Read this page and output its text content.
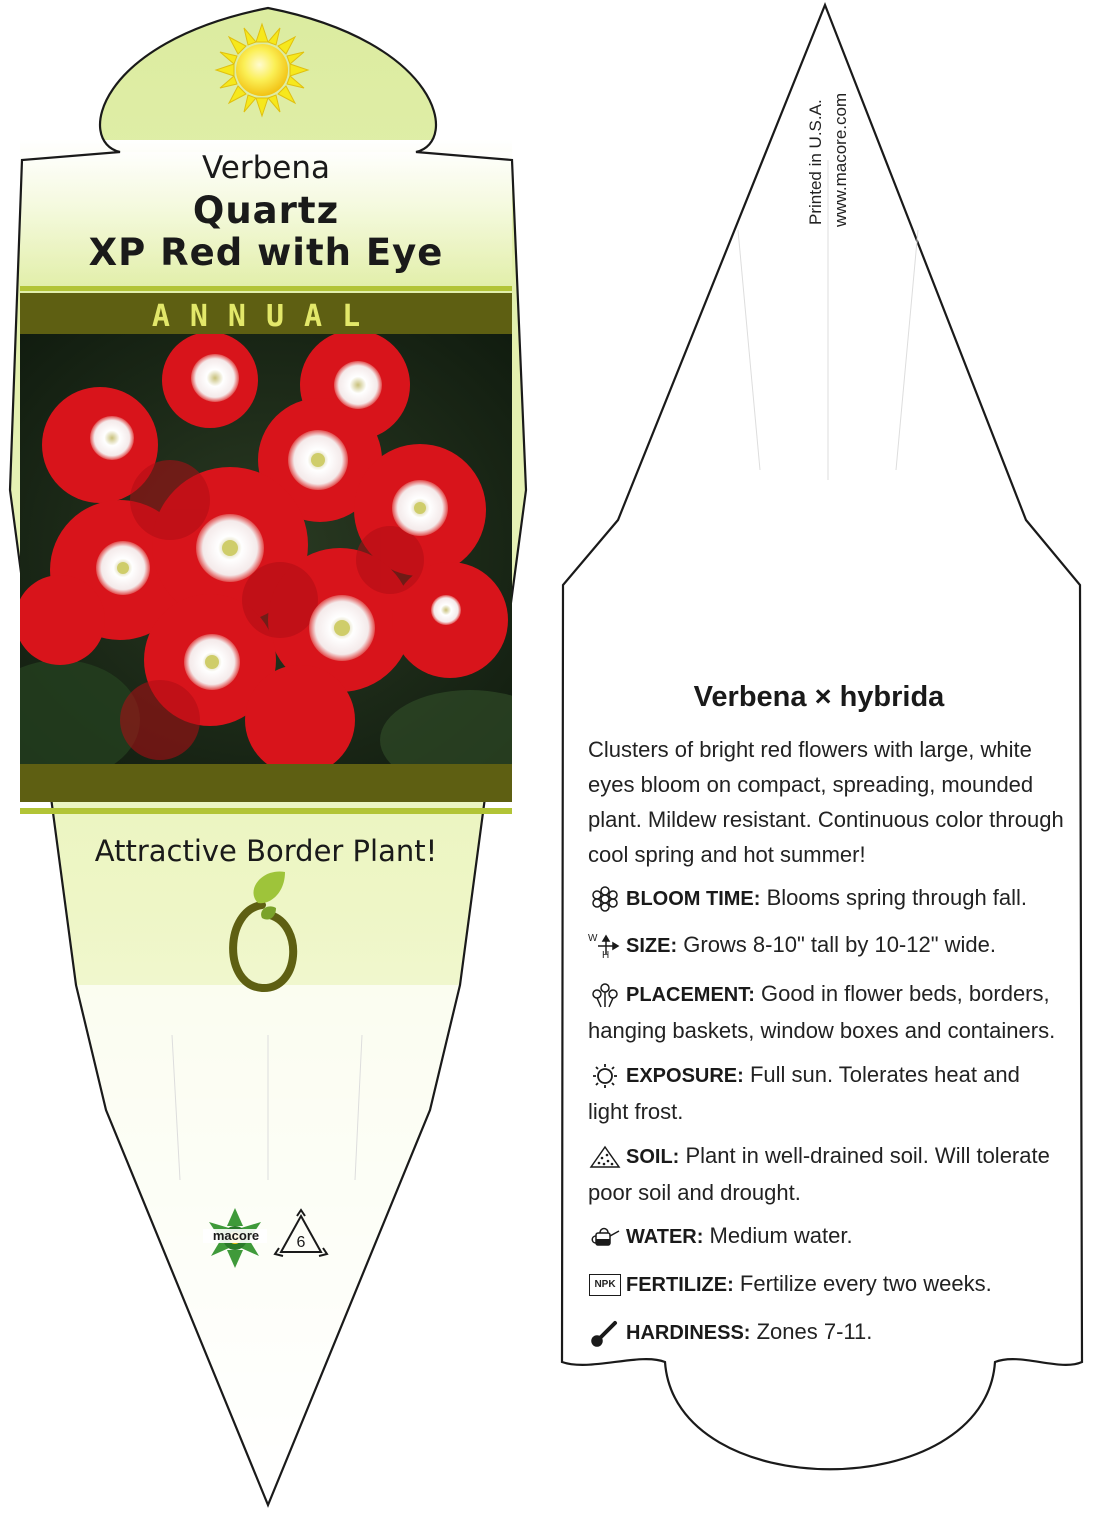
Verbena
Quartz
XP Red with Eye
ANNUAL
Attractive Border Plant!
macore	6
Printed in U.S.A. www.macore.com
Verbena × hybrida
Clusters of bright red flowers with large, white eyes bloom on compact, spreading, mounded plant. Mildew resistant. Continuous color through cool spring and hot summer!
BLOOM TIME: Blooms spring through fall.
W
H SIZE: Grows 8-10" tall by 10-12" wide.
PLACEMENT: Good in flower beds, borders, hanging baskets, window boxes and containers.
EXPOSURE: Full sun. Tolerates heat and light frost.
SOIL: Plant in well-drained soil. Will tolerate poor soil and drought.
WATER: Medium water.
NPK FERTILIZE: Fertilize every two weeks.
HARDINESS: Zones 7-11.
